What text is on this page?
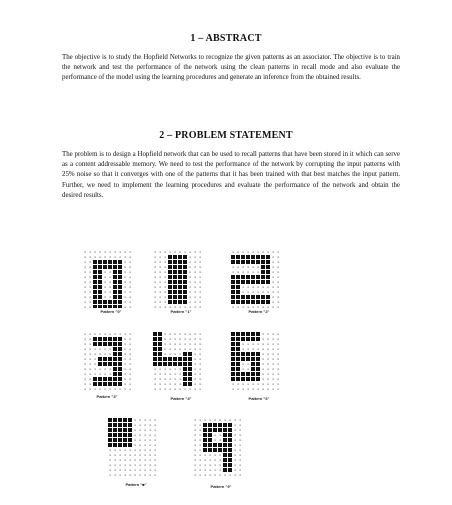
1 – ABSTRACT

The objective is to study the Hopfield Networks to recognize the given patterns as an associator. The objective is to train the network and test the performance of the network using the clean patterns in recall mode and also evaluate the performance of the model using the learning procedures and generate an inference from the obtained results.

2 – PROBLEM STATEMENT

The problem is to design a Hopfield network that can be used to recall patterns that have been stored in it which can serve as a content addressable memory. We need to test the performance of the network by corrupting the input patterns with 25% noise so that it converges with one of the patterns that it has been trained with that best matches the input pattern. Further, we need to implement the learning procedures and evaluate the performance of the network and obtain the desired results.

Pattern "0"	Pattern "1"	Pattern "2"
Pattern "3"	Pattern "4"	Pattern "6"
Pattern "■"	Pattern "9"
